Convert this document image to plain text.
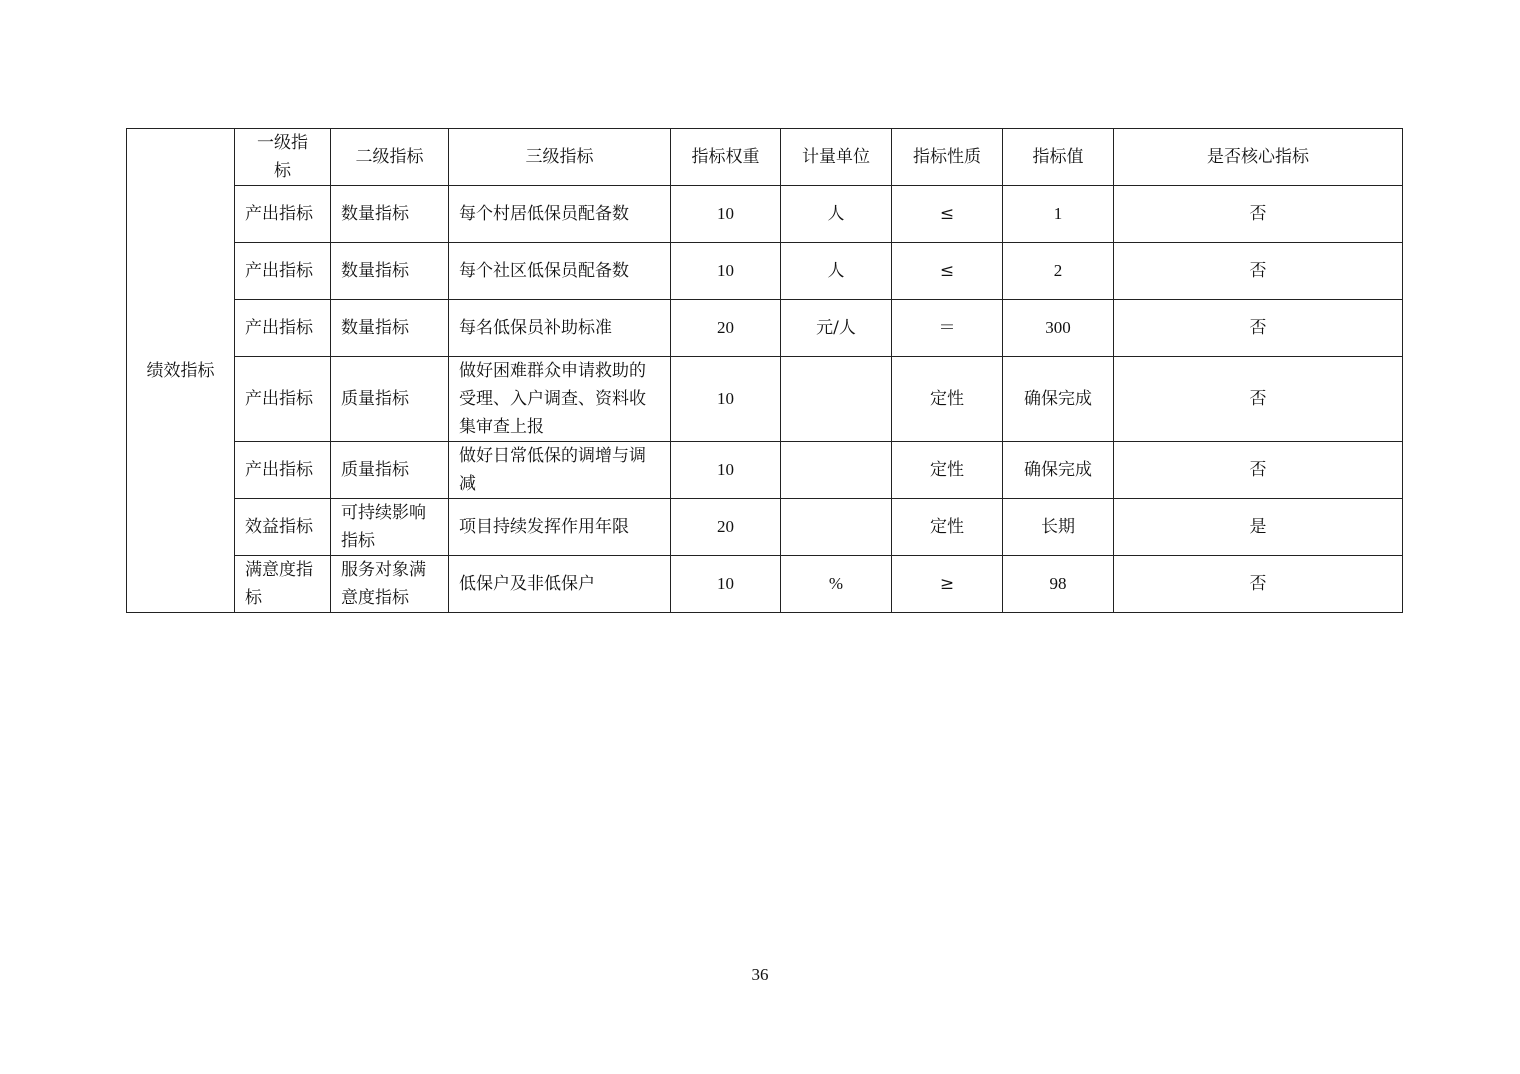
绩效指标	一级指标	二级指标	三级指标	指标权重	计量单位	指标性质	指标值	是否核心指标
	产出指标	数量指标	每个村居低保员配备数	10	人	≤	1	否
	产出指标	数量指标	每个社区低保员配备数	10	人	≤	2	否
	产出指标	数量指标	每名低保员补助标准	20	元/人	＝	300	否
	产出指标	质量指标	做好困难群众申请救助的受理、入户调查、资料收集审查上报	10		定性	确保完成	否
	产出指标	质量指标	做好日常低保的调增与调减	10		定性	确保完成	否
	效益指标	可持续影响指标	项目持续发挥作用年限	20		定性	长期	是
	满意度指标	服务对象满意度指标	低保户及非低保户	10	%	≥	98	否
36
